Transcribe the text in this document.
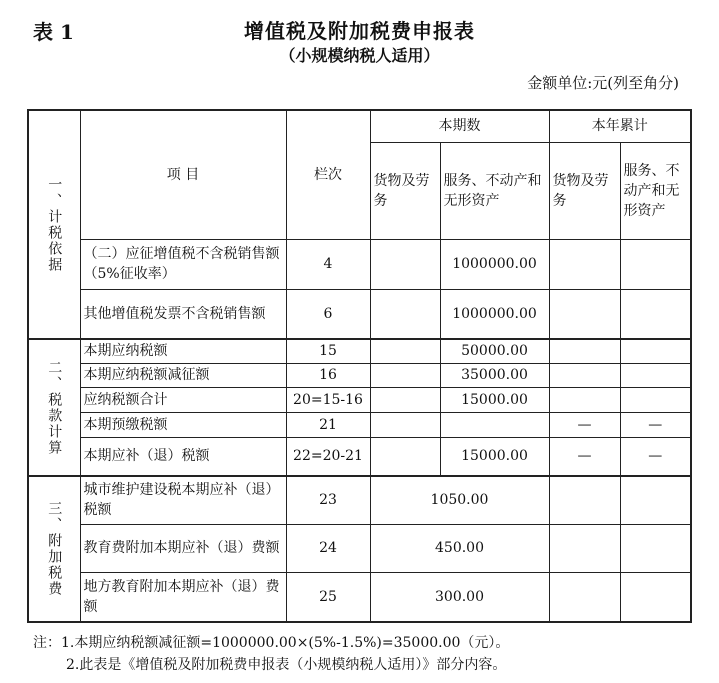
表 1	增值税及附加税费申报表
（小规模纳税人适用）
金额单位:元(列至角分)
一、计税依据	项 目	栏次	本期数		本年累计	
			货物及劳务	服务、不动产和无形资产	货物及劳务	服务、不动产和无形资产
	（二）应征增值税不含税销售额（5%征收率）	4		1000000.00		
	其他增值税发票不含税销售额	6		1000000.00		

二、税款计算	本期应纳税额	15		50000.00		
	本期应纳税额减征额	16		35000.00		
	应纳税额合计	20=15-16		15000.00		
	本期预缴税额	21			—	—
	本期应补（退）税额	22=20-21		15000.00	—	—

三、附加税费	城市维护建设税本期应补（退）税额	23	1050.00			
	教育费附加本期应补（退）费额	24	450.00			
	地方教育附加本期应补（退）费额	25	300.00			
注：1.本期应纳税额减征额=1000000.00×(5%-1.5%)=35000.00（元）。
2.此表是《增值税及附加税费申报表（小规模纳税人适用）》部分内容。
